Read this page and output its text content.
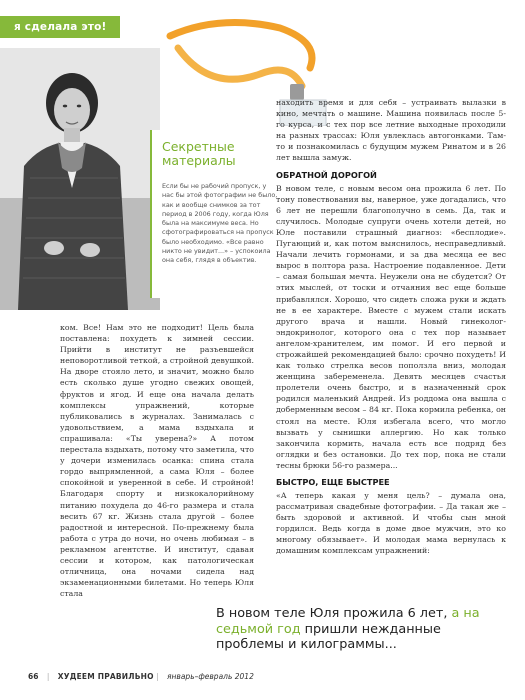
я сделала это!
Секретные материалы

Если бы не рабочий пропуск, у нас бы этой фотографии не было, как и вообще снимков за тот период в 2006 году, когда Юля была на максимуме веса. Но сфотографироваться на пропуск было необходимо. «Все равно никто не увидит...» – успокоила она себя, глядя в объектив.

находить время и для себя – устраивать вылазки в кино, мечтать о машине. Машина появилась после 5-го курса, и с тех пор все летние выходные проходили на разных трассах: Юля увлеклась автогонками. Там-то и познакомилась с будущим мужем Ринатом и в 26 лет вышла замуж.

ОБРАТНОЙ ДОРОГОЙ

В новом теле, с новым весом она прожила 6 лет. По тону повествования вы, наверное, уже догадались, что 6 лет не перешли благополучно в семь. Да, так и случилось. Молодые супруги очень хотели детей, но Юле поставили страшный диагноз: «бесплодие». Пугающий и, как потом выяснилось, несправедливый. Начали лечить гормонами, и за два месяца ее вес вырос в полтора раза. Настроение подавленное. Дети – самая большая мечта. Неужели она не сбудется? От этих мыслей, от тоски и отчаяния вес еще больше прибавлялся. Хорошо, что сидеть сложа руки и ждать не в ее характере. Вместе с мужем стали искать другого врача и нашли. Новый гинеколог-эндокринолог, которого она с тех пор называет ангелом-хранителем, им помог. И его первой и строжайшей рекомендацией было: срочно похудеть! И как только стрелка весов поползла вниз, молодая женщина забеременела. Девять месяцев счастья пролетели очень быстро, и в назначенный срок родился маленький Андрей. Из роддома она вышла с доберменным весом – 84 кг. Пока кормила ребенка, он стоял на месте. Юля избегала всего, что могло вызвать у сынишки аллергию. Но как только закончила кормить, начала есть все подряд без оглядки и без остановки. До тех пор, пока не стали тесны брюки 56-го размера...

БЫСТРО, ЕЩЕ БЫСТРЕЕ

«А теперь какая у меня цель? – думала она, рассматривая свадебные фотографии. – Да такая же – быть здоровой и активной. И чтобы сын мной гордился. Ведь когда в доме двое мужчин, это ко многому обязывает». И молодая мама вернулась к домашним комплексам упражнений:

ком. Все! Нам это не подходит! Цель была поставлена: похудеть к зимней сессии. Прийти в институт не разъевшейся неповоротливой теткой, а стройной девушкой. На дворе стояло лето, и значит, можно было есть сколько душе угодно свежих овощей, фруктов и ягод. И еще она начала делать комплексы упражнений, которые публиковались в журналах. Занималась с удовольствием, а мама вздыхала и спрашивала: «Ты уверена?» А потом перестала вздыхать, потому что заметила, что у дочери изменилась осанка: спина стала гордо выпрямленной, а сама Юля – более спокойной и уверенной в себе. И стройной! Благодаря спорту и низкокалорийному питанию похудела до 46-го размера и стала весить 67 кг. Жизнь стала другой – более радостной и интересной. По-прежнему была работа с утра до ночи, но очень любимая – в рекламном агентстве. И институт, сдавая сессии и котором, как патологическая отличница, она ночами сидела над экзаменационными билетами. Но теперь Юля стала

В новом теле Юля прожила 6 лет, а на седьмой год пришли нежданные проблемы и килограммы...
66 | ХУДЕЕМ ПРАВИЛЬНО | январь–февраль 2012
